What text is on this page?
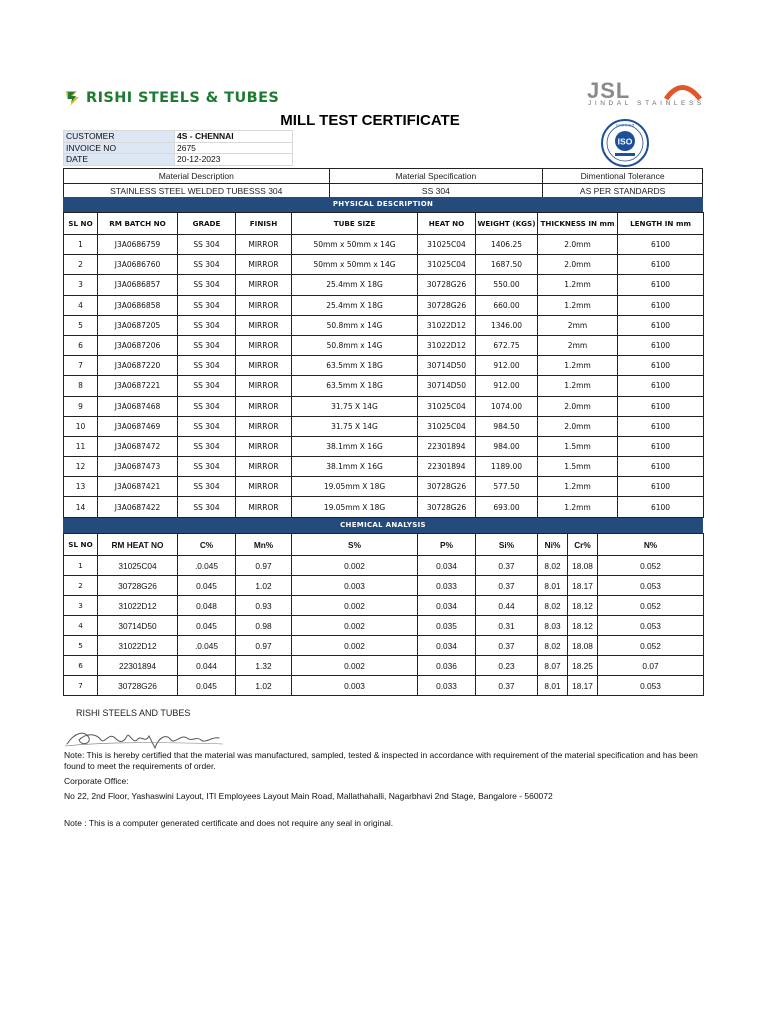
RISHI STEELS & TUBES	JSL
JINDAL STAINLESS
MILL TEST CERTIFICATE
ISO
CERTIFIED
CUSTOMER	4S - CHENNAI
INVOICE NO	2675
DATE	20-12-2023
Material Description	Material Specification	Dimentional Tolerance
STAINLESS STEEL WELDED TUBESSS 304	SS 304	AS PER STANDARDS
PHYSICAL DESCRIPTION
SL NO	RM BATCH NO	GRADE	FINISH	TUBE SIZE	HEAT NO	WEIGHT (KGS)	THICKNESS IN mm	LENGTH IN mm
1	J3A0686759	SS 304	MIRROR	50mm x 50mm x 14G	31025C04	1406.25	2.0mm	6100
2	J3A0686760	SS 304	MIRROR	50mm x 50mm x 14G	31025C04	1687.50	2.0mm	6100
3	J3A0686857	SS 304	MIRROR	25.4mm X 18G	30728G26	550.00	1.2mm	6100
4	J3A0686858	SS 304	MIRROR	25.4mm X 18G	30728G26	660.00	1.2mm	6100
5	J3A0687205	SS 304	MIRROR	50.8mm x 14G	31022D12	1346.00	2mm	6100
6	J3A0687206	SS 304	MIRROR	50.8mm x 14G	31022D12	672.75	2mm	6100
7	J3A0687220	SS 304	MIRROR	63.5mm X 18G	30714D50	912.00	1.2mm	6100
8	J3A0687221	SS 304	MIRROR	63.5mm X 18G	30714D50	912.00	1.2mm	6100
9	J3A0687468	SS 304	MIRROR	31.75 X 14G	31025C04	1074.00	2.0mm	6100
10	J3A0687469	SS 304	MIRROR	31.75 X 14G	31025C04	984.50	2.0mm	6100
11	J3A0687472	SS 304	MIRROR	38.1mm X 16G	22301894	984.00	1.5mm	6100
12	J3A0687473	SS 304	MIRROR	38.1mm X 16G	22301894	1189.00	1.5mm	6100
13	J3A0687421	SS 304	MIRROR	19.05mm X 18G	30728G26	577.50	1.2mm	6100
14	J3A0687422	SS 304	MIRROR	19.05mm X 18G	30728G26	693.00	1.2mm	6100
CHEMICAL ANALYSIS
SL NO	RM HEAT NO	C%	Mn%	S%	P%	Si%	Ni%	Cr%	N%
1	31025C04	.0.045	0.97	0.002	0.034	0.37	8.02	18.08	0.052
2	30728G26	0.045	1.02	0.003	0.033	0.37	8.01	18.17	0.053
3	31022D12	0.048	0.93	0.002	0.034	0.44	8.02	18.12	0.052
4	30714D50	0.045	0.98	0.002	0.035	0.31	8.03	18.12	0.053
5	31022D12	.0.045	0.97	0.002	0.034	0.37	8.02	18.08	0.052
6	22301894	0.044	1.32	0.002	0.036	0.23	8.07	18.25	0.07
7	30728G26	0.045	1.02	0.003	0.033	0.37	8.01	18.17	0.053
RISHI STEELS AND TUBES
Note: This is hereby certified that the material was manufactured, sampled, tested & inspected in accordance with requirement of the material specification and has been found to meet the requirements of order.
Corporate Office:
No 22, 2nd Floor, Yashaswini Layout, ITI Employees Layout Main Road, Mallathahalli, Nagarbhavi 2nd Stage, Bangalore - 560072
Note : This is a computer generated certificate and does not require any seal in original.
